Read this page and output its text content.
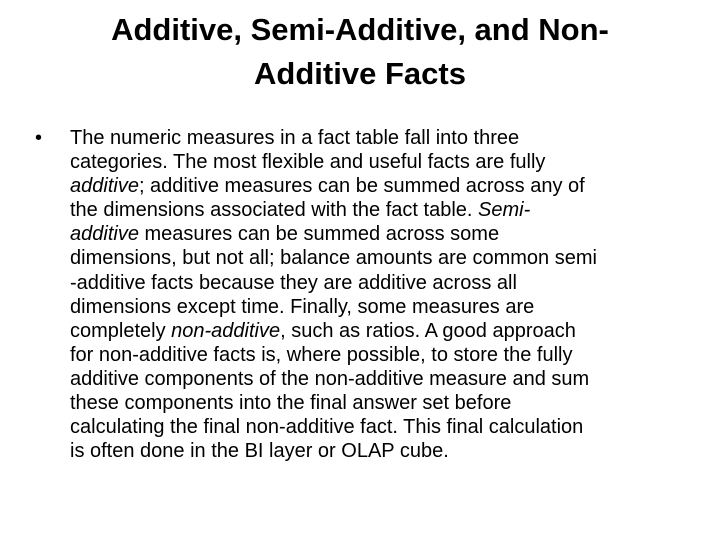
Additive, Semi-Additive, and Non-
Additive Facts
•	The numeric measures in a fact table fall into three
categories. The most flexible and useful facts are fully
additive; additive measures can be summed across any of
the dimensions associated with the fact table. Semi-
additive measures can be summed across some
dimensions, but not all; balance amounts are common semi
-additive facts because they are additive across all
dimensions except time. Finally, some measures are
completely non-additive, such as ratios. A good approach
for non-additive facts is, where possible, to store the fully
additive components of the non-additive measure and sum
these components into the final answer set before
calculating the final non-additive fact. This final calculation
is often done in the BI layer or OLAP cube.
